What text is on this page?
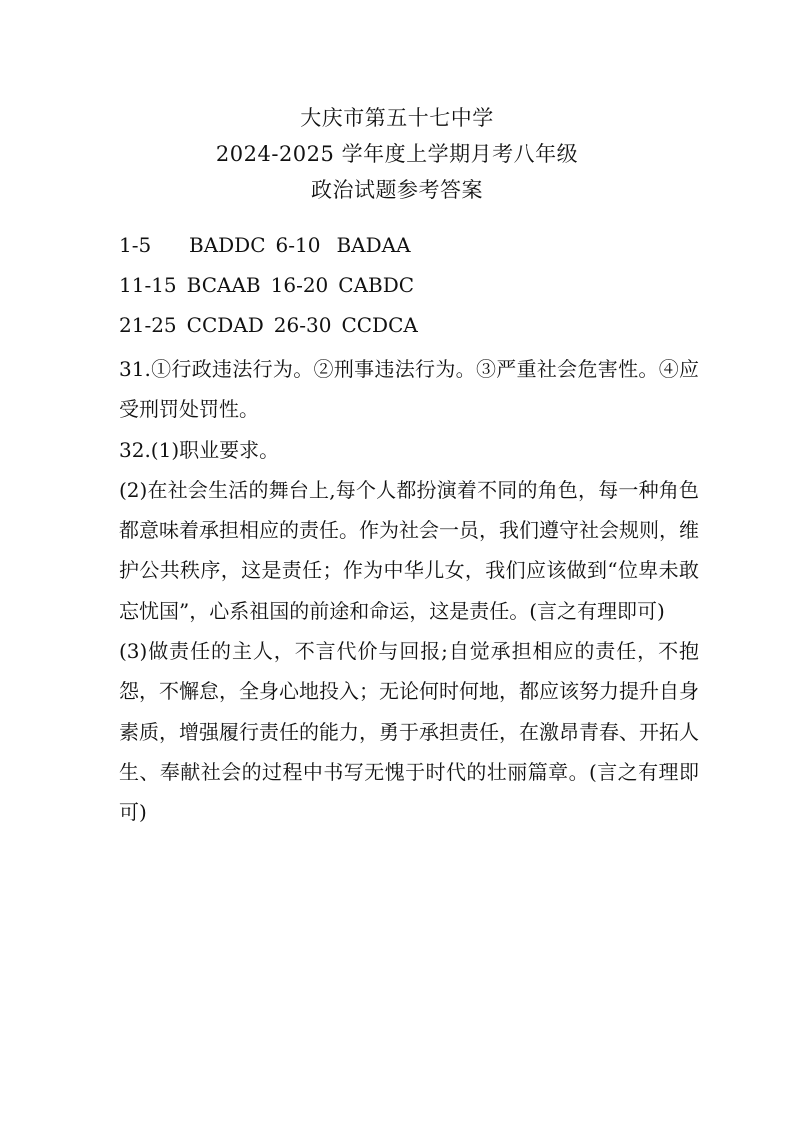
大庆市第五十七中学
2024-2025 学年度上学期月考八年级
政治试题参考答案
1-5 BADDC 6-10 BADAA
11-15 BCAAB 16-20 CABDC
21-25 CCDAD 26-30 CCDCA

31.①行政违法行为。②刑事违法行为。③严重社会危害性。④应受刑罚处罚性。

32.(1)职业要求。

(2)在社会生活的舞台上,每个人都扮演着不同的角色，每一种角色都意味着承担相应的责任。作为社会一员，我们遵守社会规则，维护公共秩序，这是责任；作为中华儿女，我们应该做到“位卑未敢忘忧国”，心系祖国的前途和命运，这是责任。(言之有理即可)

(3)做责任的主人，不言代价与回报;自觉承担相应的责任，不抱怨，不懈怠，全身心地投入；无论何时何地，都应该努力提升自身素质，增强履行责任的能力，勇于承担责任，在激昂青春、开拓人生、奉献社会的过程中书写无愧于时代的壮丽篇章。(言之有理即可)
